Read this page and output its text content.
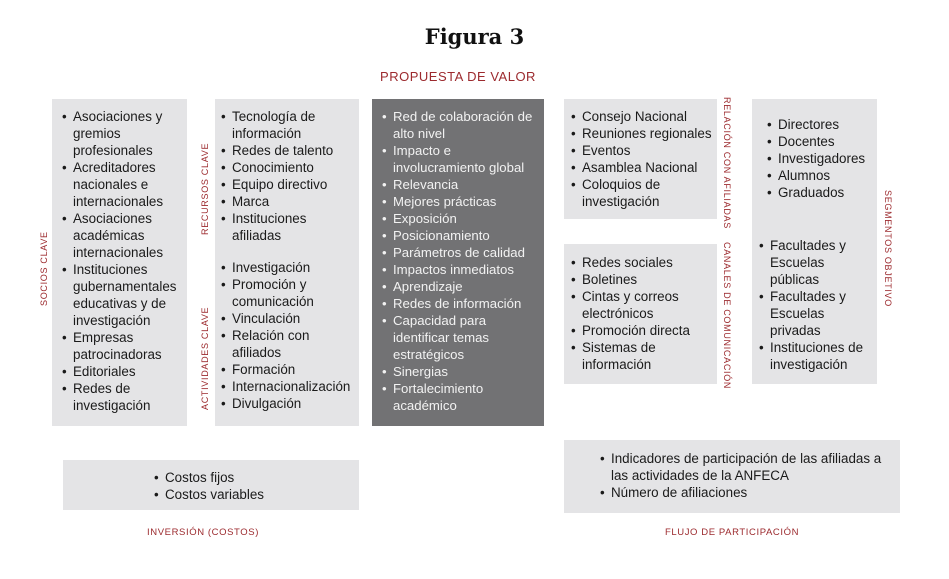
Figura 3
PROPUESTA DE VALOR
SOCIOS CLAVE
• Asociaciones y gremios profesionales
• Acreditadores nacionales e internacionales
• Asociaciones académicas internacionales
• Instituciones gubernamentales educativas y de investigación
• Empresas patrocinadoras
• Editoriales
• Redes de investigación
RECURSOS CLAVE
ACTIVIDADES CLAVE
• Tecnología de información
• Redes de talento
• Conocimiento
• Equipo directivo
• Marca
• Instituciones afiliadas
• Investigación
• Promoción y comunicación
• Vinculación
• Relación con afiliados
• Formación
• Internacionalización
• Divulgación
• Red de colaboración de alto nivel
• Impacto e involucramiento global
• Relevancia
• Mejores prácticas
• Exposición
• Posicionamiento
• Parámetros de calidad
• Impactos inmediatos
• Aprendizaje
• Redes de información
• Capacidad para identificar temas estratégicos
• Sinergias
• Fortalecimiento académico
• Consejo Nacional
• Reuniones regionales
• Eventos
• Asamblea Nacional
• Coloquios de investigación	RELACIÓN CON AFILIADAS
• Redes sociales
• Boletines
• Cintas y correos electrónicos
• Promoción directa
• Sistemas de información	CANALES DE COMUNICACIÓN
• Directores
• Docentes
• Investigadores
• Alumnos
• Graduados
• Facultades y Escuelas públicas
• Facultades y Escuelas privadas
• Instituciones de investigación
SEGMENTOS OBJETIVO
• Costos fijos
• Costos variables
INVERSIÓN (COSTOS)
• Indicadores de participación de las afiliadas a las actividades de la ANFECA
• Número de afiliaciones
FLUJO DE PARTICIPACIÓN
